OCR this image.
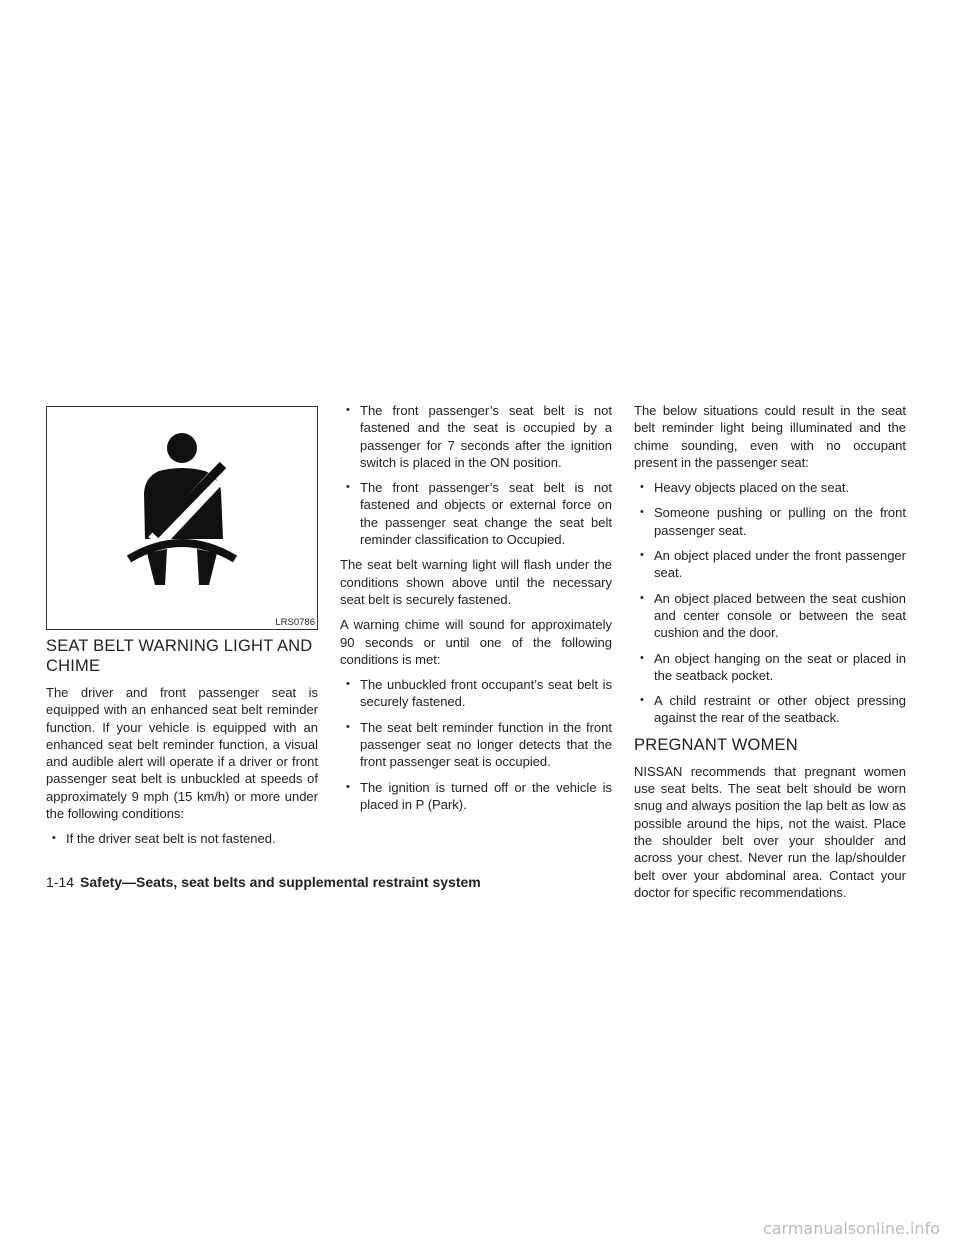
LRS0786
SEAT BELT WARNING LIGHT AND CHIME

The driver and front passenger seat is equipped with an enhanced seat belt reminder function. If your vehicle is equipped with an enhanced seat belt reminder function, a visual and audible alert will operate if a driver or front passenger seat belt is unbuckled at speeds of approximately 9 mph (15 km/h) or more under the following conditions:

• If the driver seat belt is not fastened.
• The front passenger’s seat belt is not fastened and the seat is occupied by a passenger for 7 seconds after the ignition switch is placed in the ON position.
• The front passenger’s seat belt is not fastened and objects or external force on the passenger seat change the seat belt reminder classification to Occupied.

The seat belt warning light will flash under the conditions shown above until the necessary seat belt is securely fastened.

A warning chime will sound for approximately 90 seconds or until one of the following conditions is met:

• The unbuckled front occupant’s seat belt is securely fastened.
• The seat belt reminder function in the front passenger seat no longer detects that the front passenger seat is occupied.
• The ignition is turned off or the vehicle is placed in P (Park).

The below situations could result in the seat belt reminder light being illuminated and the chime sounding, even with no occupant present in the passenger seat:

• Heavy objects placed on the seat.
• Someone pushing or pulling on the front passenger seat.
• An object placed under the front passenger seat.
• An object placed between the seat cushion and center console or between the seat cushion and the door.
• An object hanging on the seat or placed in the seatback pocket.
• A child restraint or other object pressing against the rear of the seatback.
PREGNANT WOMEN

NISSAN recommends that pregnant women use seat belts. The seat belt should be worn snug and always position the lap belt as low as possible around the hips, not the waist. Place the shoulder belt over your shoulder and across your chest. Never run the lap/shoulder belt over your abdominal area. Contact your doctor for specific recommendations.

1-14 Safety—Seats, seat belts and supplemental restraint system
carmanualsonline.info
